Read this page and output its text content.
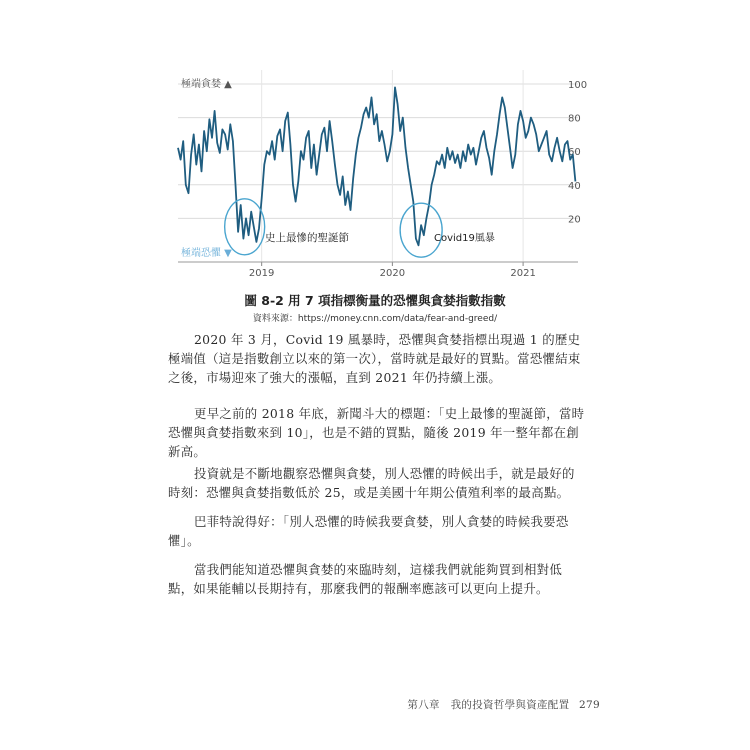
20
40
60
80
100
2019	2020	2021
極端貪婪 ▲
極端恐懼 ▼
史上最慘的聖誕節	Covid19風暴
圖 8-2 用 7 項指標衡量的恐懼與貪婪指數指數
資料來源：https://money.cnn.com/data/fear-and-greed/

2020 年 3 月，Covid 19 風暴時，恐懼與貪婪指標出現過 1 的歷史極端值（這是指數創立以來的第一次），當時就是最好的買點。當恐懼結束之後，市場迎來了強大的漲幅，直到 2021 年仍持續上漲。

更早之前的 2018 年底，新聞斗大的標題：「史上最慘的聖誕節，當時恐懼與貪婪指數來到 10」，也是不錯的買點，隨後 2019 年一整年都在創新高。

投資就是不斷地觀察恐懼與貪婪，別人恐懼的時候出手，就是最好的時刻：恐懼與貪婪指數低於 25，或是美國十年期公債殖利率的最高點。

巴菲特說得好：「別人恐懼的時候我要貪婪，別人貪婪的時候我要恐懼」。

當我們能知道恐懼與貪婪的來臨時刻，這樣我們就能夠買到相對低點，如果能輔以長期持有，那麼我們的報酬率應該可以更向上提升。

第八章　我的投資哲學與資產配置 279
